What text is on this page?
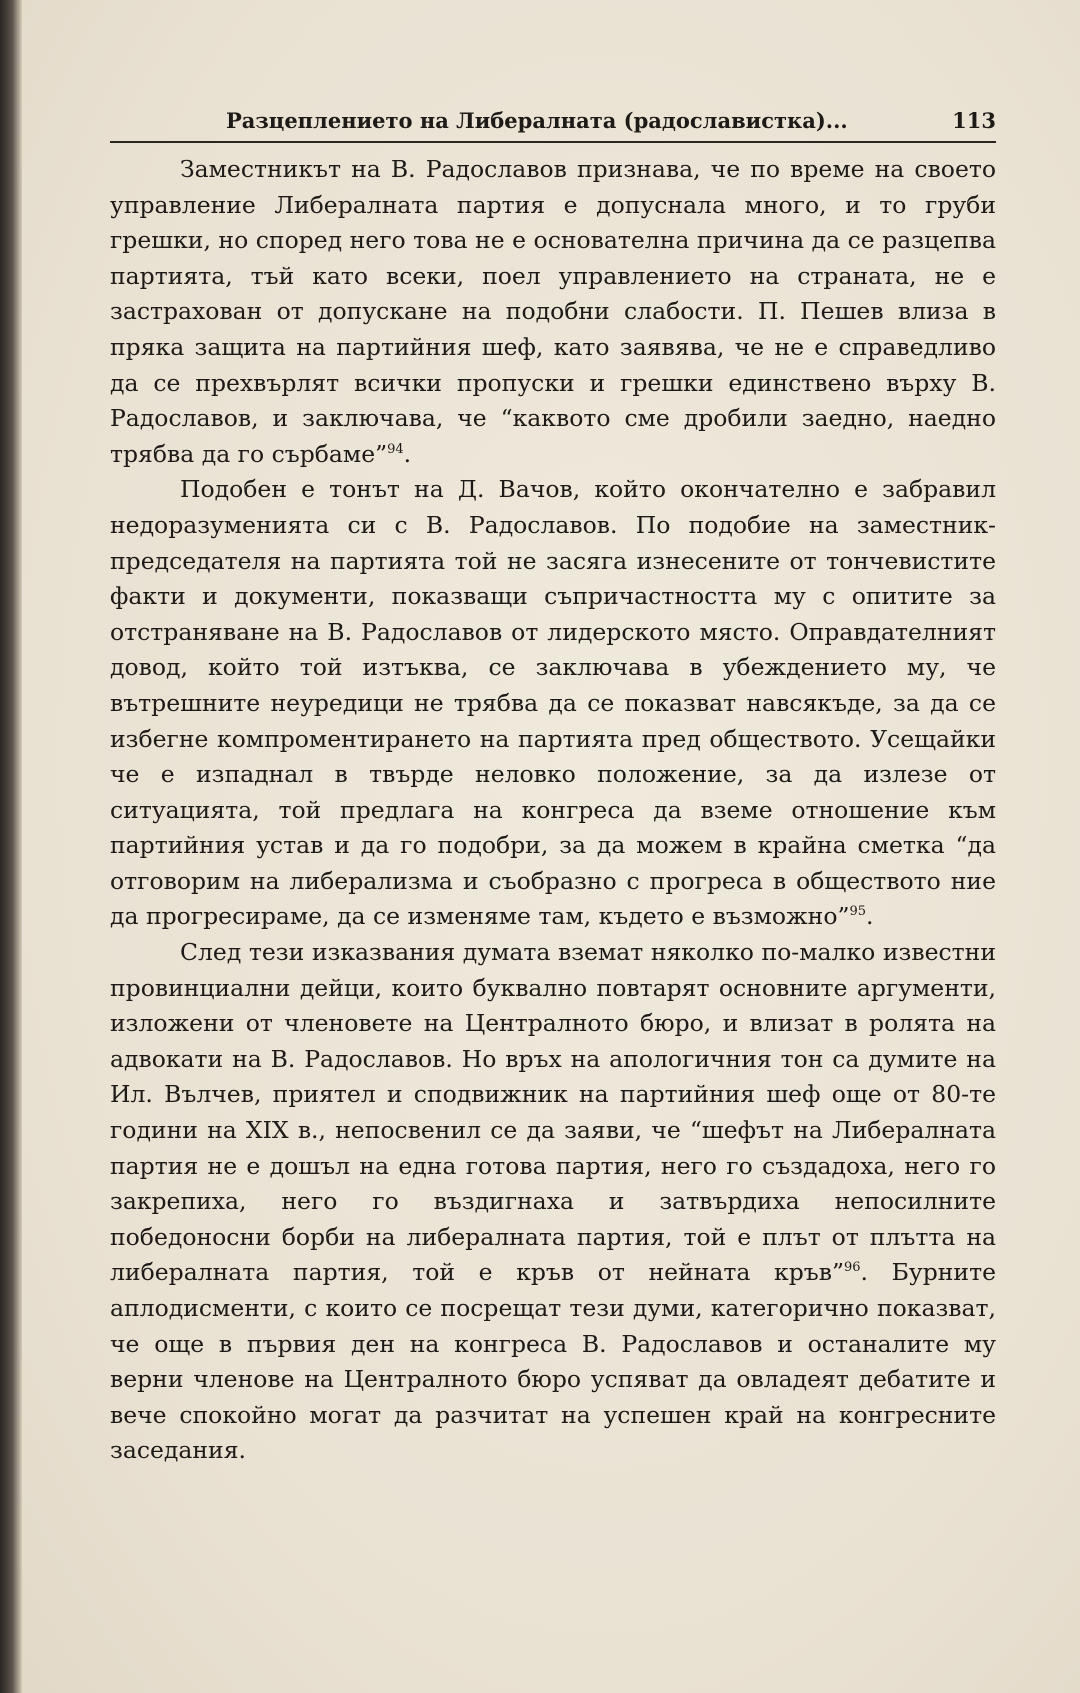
Разцеплението на Либералната (радославистка)...	113

Заместникът на В. Радославов признава, че по време на своето управление Либералната партия е допуснала много, и то груби грешки, но според него това не е основателна причина да се разцепва партията, тъй като всеки, поел управлението на страната, не е застрахован от допускане на подобни слабости. П. Пешев влиза в пряка защита на партийния шеф, като заявява, че не е справедливо да се прехвърлят всички пропуски и грешки единствено върху В. Радославов, и заключава, че “каквото сме дробили заедно, наедно трябва да го сърбаме”$^{94}$.

Подобен е тонът на Д. Вачов, който окончателно е забравил недоразуменията си с В. Радославов. По подобие на заместник-председателя на партията той не засяга изнесените от тончевистите факти и документи, показващи съпричастността му с опитите за отстраняване на В. Радославов от лидерското място. Оправдателният довод, който той изтъква, се заключава в убеждението му, че вътрешните неуредици не трябва да се показват навсякъде, за да се избегне компроментирането на партията пред обществото. Усещайки че е изпаднал в твърде неловко положение, за да излезе от ситуацията, той предлага на конгреса да вземе отношение към партийния устав и да го подобри, за да можем в крайна сметка “да отговорим на либерализма и съобразно с прогреса в обществото ние да прогресираме, да се изменяме там, където е възможно”$^{95}$.

След тези изказвания думата вземат няколко по-малко известни провинциални дейци, които буквално повтарят основните аргументи, изложени от членовете на Централното бюро, и влизат в ролята на адвокати на В. Радославов. Но връх на апологичния тон са думите на Ил. Вълчев, приятел и сподвижник на партийния шеф още от 80-те години на XIX в., непосвенил се да заяви, че “шефът на Либералната партия не е дошъл на една готова партия, него го създадоха, него го закрепиха, него го въздигнаха и затвърдиха непосилните победоносни борби на либералната партия, той е плът от плътта на либералната партия, той е кръв от нейната кръв”$^{96}$. Бурните аплодисменти, с които се посрещат тези думи, категорично показват, че още в първия ден на конгреса В. Радославов и останалите му верни членове на Централното бюро успяват да овладеят дебатите и вече спокойно могат да разчитат на успешен край на конгресните заседания.
